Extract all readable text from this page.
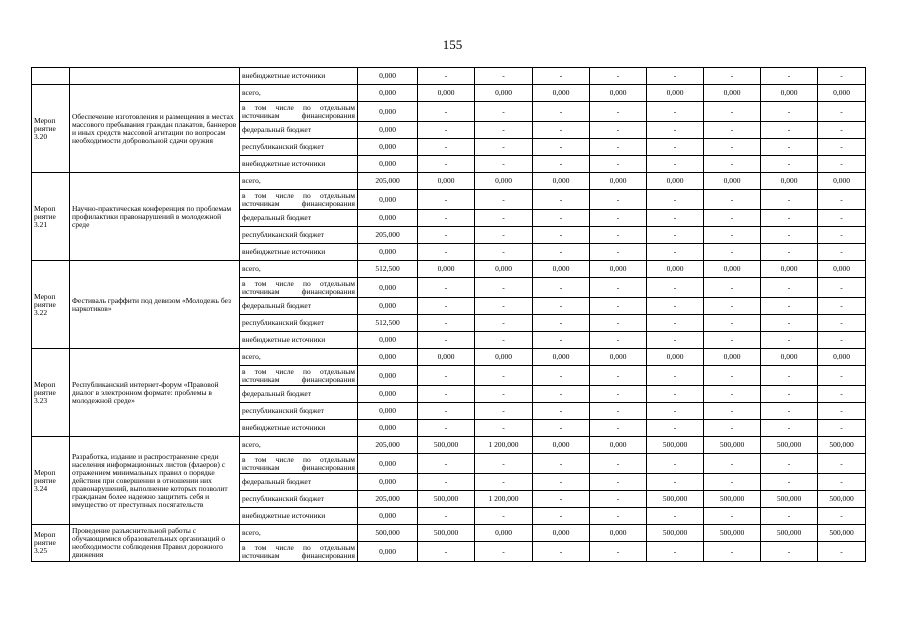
155
		внебюджетные источники	0,000	-	-	-	-	-	-	-	-
Мероп риятие 3.20	Обеспечение изготовления и размещения в местах массового пребывания граждан плакатов, баннеров и иных средств массовой агитации по вопросам необходимости добровольной сдачи оружия	всего,	0,000	0,000	0,000	0,000	0,000	0,000	0,000	0,000	0,000
		в том числе по отдельным источникам финансирования	0,000	-	-	-	-	-	-	-	-
		федеральный бюджет	0,000	-	-	-	-	-	-	-	-
		республиканский бюджет	0,000	-	-	-	-	-	-	-	-
		внебюджетные источники	0,000	-	-	-	-	-	-	-	-
Мероп риятие 3.21	Научно-практическая конференция по проблемам профилактики правонарушений в молодежной среде	всего,	205,000	0,000	0,000	0,000	0,000	0,000	0,000	0,000	0,000
		в том числе по отдельным источникам финансирования	0,000	-	-	-	-	-	-	-	-
		федеральный бюджет	0,000	-	-	-	-	-	-	-	-
		республиканский бюджет	205,000	-	-	-	-	-	-	-	-
		внебюджетные источники	0,000	-	-	-	-	-	-	-	-
Мероп риятие 3.22	Фестиваль граффити под девизом «Молодежь без наркотиков»	всего,	512,500	0,000	0,000	0,000	0,000	0,000	0,000	0,000	0,000
		в том числе по отдельным источникам финансирования	0,000	-	-	-	-	-	-	-	-
		федеральный бюджет	0,000	-	-	-	-	-	-	-	-
		республиканский бюджет	512,500	-	-	-	-	-	-	-	-
		внебюджетные источники	0,000	-	-	-	-	-	-	-	-
Мероп риятие 3.23	Республиканский интернет-форум «Правовой диалог в электронном формате: проблемы в молодежной среде»	всего,	0,000	0,000	0,000	0,000	0,000	0,000	0,000	0,000	0,000
		в том числе по отдельным источникам финансирования	0,000	-	-	-	-	-	-	-	-
		федеральный бюджет	0,000	-	-	-	-	-	-	-	-
		республиканский бюджет	0,000	-	-	-	-	-	-	-	-
		внебюджетные источники	0,000	-	-	-	-	-	-	-	-
Мероп риятие 3.24	Разработка, издание и распространение среди населения информационных листов (флаеров) с отражением минимальных правил о порядке действия при совершении в отношении них правонарушений, выполнение которых позволит гражданам более надежно защитить себя и имущество от преступных посягательств	всего,	205,000	500,000	1 200,000	0,000	0,000	500,000	500,000	500,000	500,000
		в том числе по отдельным источникам финансирования	0,000	-	-	-	-	-	-	-	-
		федеральный бюджет	0,000	-	-	-	-	-	-	-	-
		республиканский бюджет	205,000	500,000	1 200,000	-	-	500,000	500,000	500,000	500,000
		внебюджетные источники	0,000	-	-	-	-	-	-	-	-
Мероп риятие 3.25	Проведение разъяснительной работы с обучающимися образовательных организаций о необходимости соблюдения Правил дорожного движения	всего,	500,000	500,000	0,000	0,000	0,000	500,000	500,000	500,000	500,000
		в том числе по отдельным источникам финансирования	0,000	-	-	-	-	-	-	-	-
